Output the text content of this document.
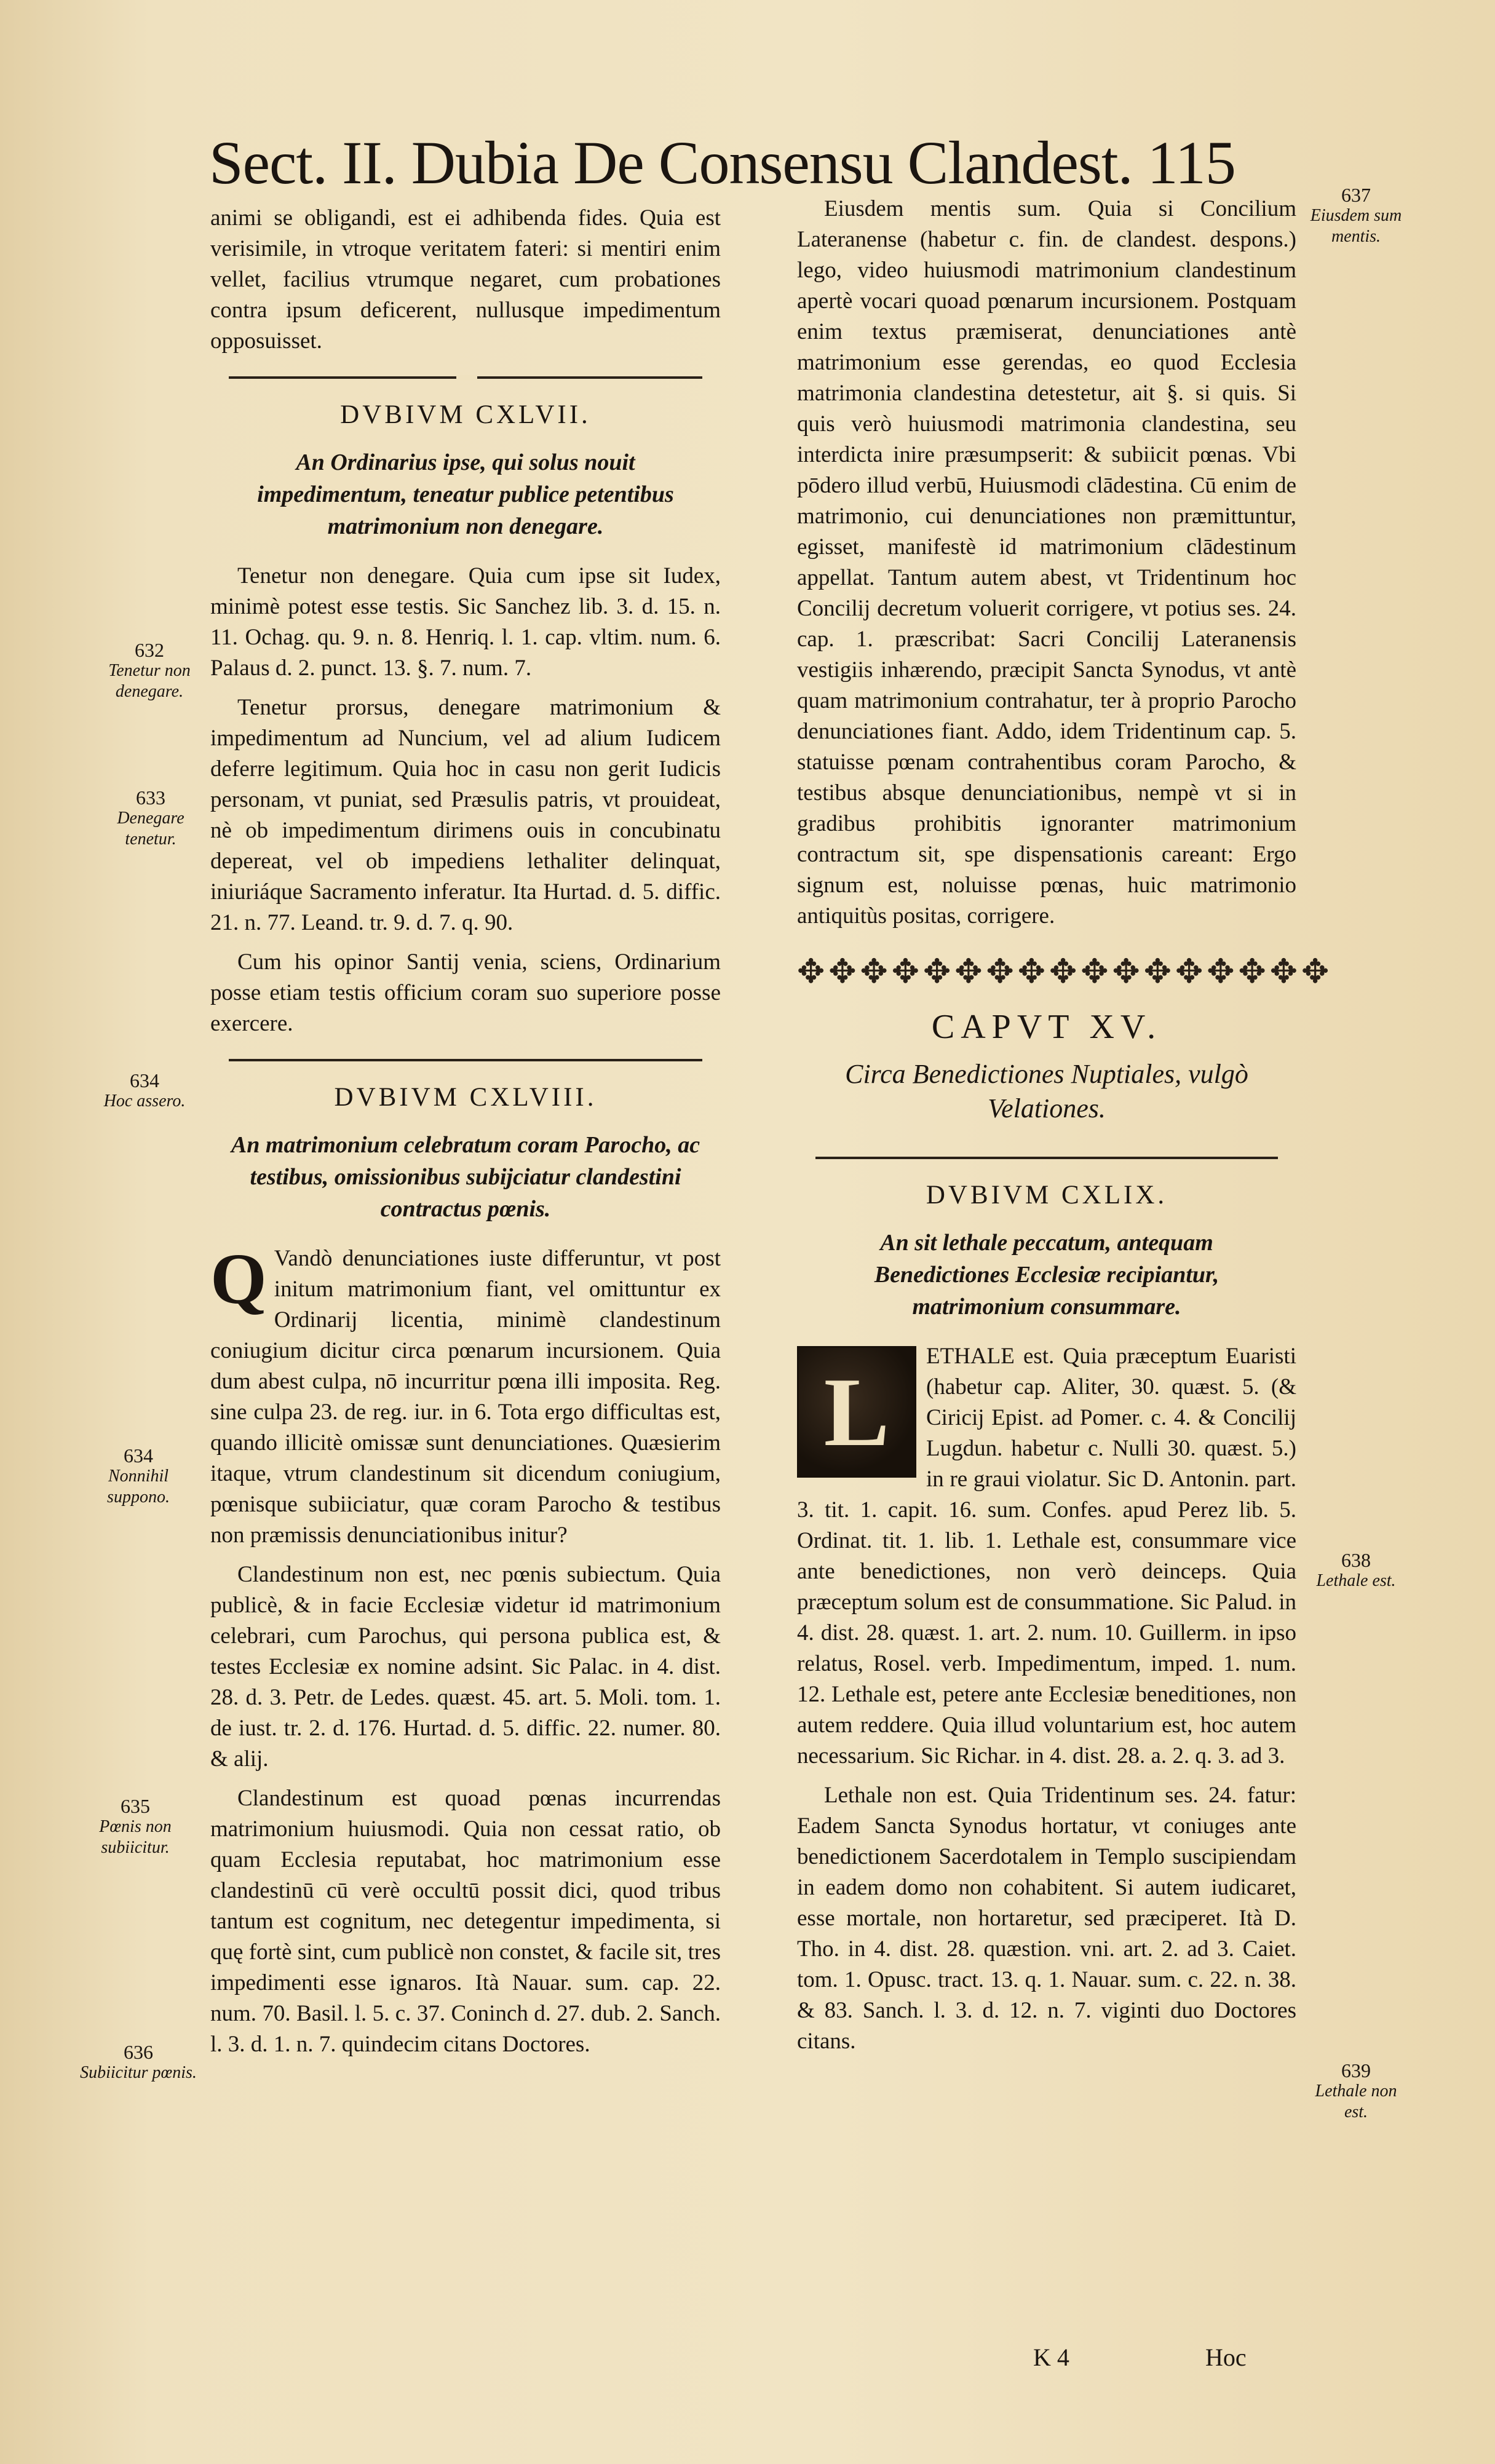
Sect. II. Dubia De Consensu Clandest. 115

animi se obligandi, est ei adhibenda fides. Quia est verisimile, in vtroque veritatem fateri: si mentiri enim vellet, facilius vtrumque negaret, cum probationes contra ipsum deficerent, nullusque impedimentum opposuisset.

DVBIVM CXLVII.
An Ordinarius ipse, qui solus nouit impedimentum, teneatur publice petentibus matrimonium non denegare.

Tenetur non denegare. Quia cum ipse sit Iudex, minimè potest esse testis. Sic Sanchez lib. 3. d. 15. n. 11. Ochag. qu. 9. n. 8. Henriq. l. 1. cap. vltim. num. 6. Palaus d. 2. punct. 13. §. 7. num. 7.

Tenetur prorsus, denegare matrimonium & impedimentum ad Nuncium, vel ad alium Iudicem deferre legitimum. Quia hoc in casu non gerit Iudicis personam, vt puniat, sed Præsulis patris, vt prouideat, nè ob impedimentum dirimens ouis in concubinatu depereat, vel ob impediens lethaliter delinquat, iniuriáque Sacramento inferatur. Ita Hurtad. d. 5. diffic. 21. n. 77. Leand. tr. 9. d. 7. q. 90.

Cum his opinor Santij venia, sciens, Ordinarium posse etiam testis officium coram suo superiore posse exercere.

DVBIVM CXLVIII.
An matrimonium celebratum coram Parocho, ac testibus, omissionibus subijciatur clandestini contractus pœnis.

Q Vandò denunciationes iuste differuntur, vt post initum matrimonium fiant, vel omittuntur ex Ordinarij licentia, minimè clandestinum coniugium dicitur circa pœnarum incursionem. Quia dum abest culpa, nō incurritur pœna illi imposita. Reg. sine culpa 23. de reg. iur. in 6. Tota ergo difficultas est, quando illicitè omissæ sunt denunciationes. Quæsierim itaque, vtrum clandestinum sit dicendum coniugium, pœnisque subiiciatur, quæ coram Parocho & testibus non præmissis denunciationibus initur?

Clandestinum non est, nec pœnis subiectum. Quia publicè, & in facie Ecclesiæ videtur id matrimonium celebrari, cum Parochus, qui persona publica est, & testes Ecclesiæ ex nomine adsint. Sic Palac. in 4. dist. 28. d. 3. Petr. de Ledes. quæst. 45. art. 5. Moli. tom. 1. de iust. tr. 2. d. 176. Hurtad. d. 5. diffic. 22. numer. 80. & alij.

Clandestinum est quoad pœnas incurrendas matrimonium huiusmodi. Quia non cessat ratio, ob quam Ecclesia reputabat, hoc matrimonium esse clandestinū cū verè occultū possit dici, quod tribus tantum est cognitum, nec detegentur impedimenta, si quę fortè sint, cum publicè non constet, & facile sit, tres impedimenti esse ignaros. Ità Nauar. sum. cap. 22. num. 70. Basil. l. 5. c. 37. Coninch d. 27. dub. 2. Sanch. l. 3. d. 1. n. 7. quindecim citans Doctores.

Eiusdem mentis sum. Quia si Concilium Lateranense (habetur c. fin. de clandest. despons.) lego, video huiusmodi matrimonium clandestinum apertè vocari quoad pœnarum incursionem. Postquam enim textus præmiserat, denunciationes antè matrimonium esse gerendas, eo quod Ecclesia matrimonia clandestina detestetur, ait §. si quis. Si quis verò huiusmodi matrimonia clandestina, seu interdicta inire præsumpserit: & subiicit pœnas. Vbi pōdero illud verbū, Huiusmodi clādestina. Cū enim de matrimonio, cui denunciationes non præmittuntur, egisset, manifestè id matrimonium clādestinum appellat. Tantum autem abest, vt Tridentinum hoc Concilij decretum voluerit corrigere, vt potius ses. 24. cap. 1. præscribat: Sacri Concilij Lateranensis vestigiis inhærendo, præcipit Sancta Synodus, vt antè quam matrimonium contrahatur, ter à proprio Parocho denunciationes fiant. Addo, idem Tridentinum cap. 5. statuisse pœnam contrahentibus coram Parocho, & testibus absque denunciationibus, nempè vt si in gradibus prohibitis ignoranter matrimonium contractum sit, spe dispensationis careant: Ergo signum est, noluisse pœnas, huic matrimonio antiquitùs positas, corrigere.

✥✥✥✥✥✥✥✥✥✥✥✥✥✥✥✥✥
CAPVT XV.
Circa Benedictiones Nuptiales, vulgò Velationes.
DVBIVM CXLIX.
An sit lethale peccatum, antequam Benedictiones Ecclesiæ recipiantur, matrimonium consummare.

L
ETHALE est. Quia præceptum Euaristi (habetur cap. Aliter, 30. quæst. 5. (& Ciricij Epist. ad Pomer. c. 4. & Concilij Lugdun. habetur c. Nulli 30. quæst. 5.) in re graui violatur. Sic D. Antonin. part. 3. tit. 1. capit. 16. sum. Confes. apud Perez lib. 5. Ordinat. tit. 1. lib. 1. Lethale est, consummare vice ante benedictiones, non verò deinceps. Quia præceptum solum est de consummatione. Sic Palud. in 4. dist. 28. quæst. 1. art. 2. num. 10. Guillerm. in ipso relatus, Rosel. verb. Impedimentum, imped. 1. num. 12. Lethale est, petere ante Ecclesiæ beneditiones, non autem reddere. Quia illud voluntarium est, hoc autem necessarium. Sic Richar. in 4. dist. 28. a. 2. q. 3. ad 3.

Lethale non est. Quia Tridentinum ses. 24. fatur: Eadem Sancta Synodus hortatur, vt coniuges ante benedictionem Sacerdotalem in Templo suscipiendam in eadem domo non cohabitent. Si autem iudicaret, esse mortale, non hortaretur, sed præciperet. Ità D. Tho. in 4. dist. 28. quæstion. vni. art. 2. ad 3. Caiet. tom. 1. Opusc. tract. 13. q. 1. Nauar. sum. c. 22. n. 38. & 83. Sanch. l. 3. d. 12. n. 7. viginti duo Doctores citans.

632
Tenetur non denegare.
633
Denegare tenetur.
634
Hoc assero.
634
Nonnihil suppono.
635
Pœnis non subiicitur.
636
Subiicitur pœnis.
637
Eiusdem sum mentis.
638
Lethale est.
639
Lethale non est.
K 4	Hoc
